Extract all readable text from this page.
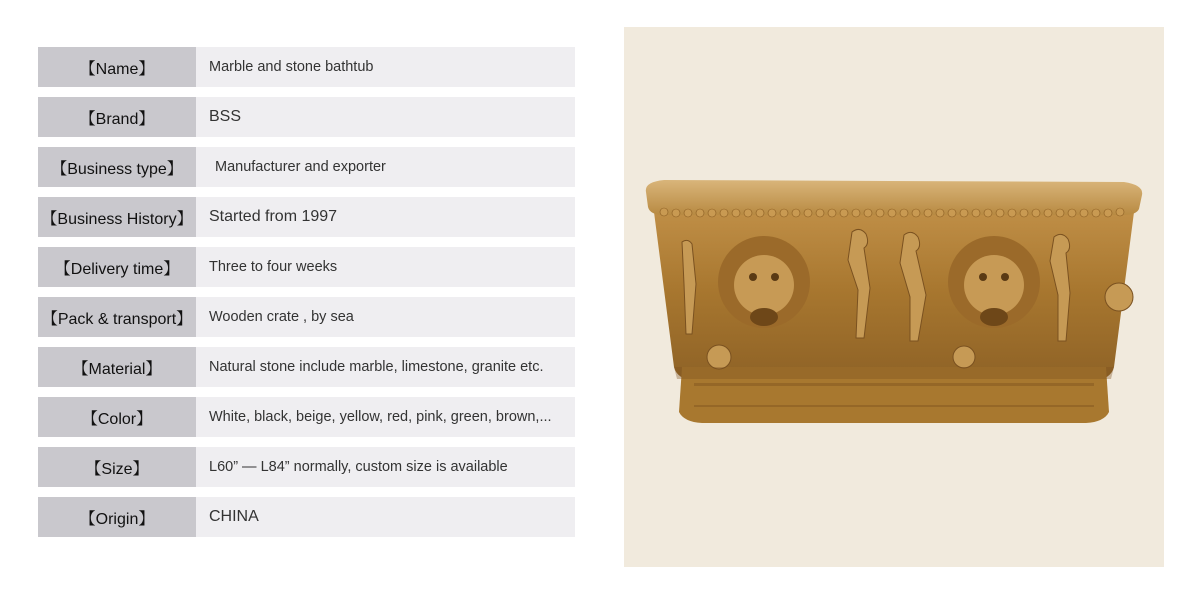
【Name】	Marble and stone bathtub
【Brand】	BSS
【Business type】	Manufacturer and exporter
【Business History】	Started from 1997
【Delivery time】	Three to four weeks
【Pack & transport】	Wooden crate , by sea
【Material】	Natural stone include marble, limestone, granite etc.
【Color】	White, black, beige, yellow, red, pink, green, brown,...
【Size】	L60” — L84” normally, custom size is available
【Origin】	CHINA
